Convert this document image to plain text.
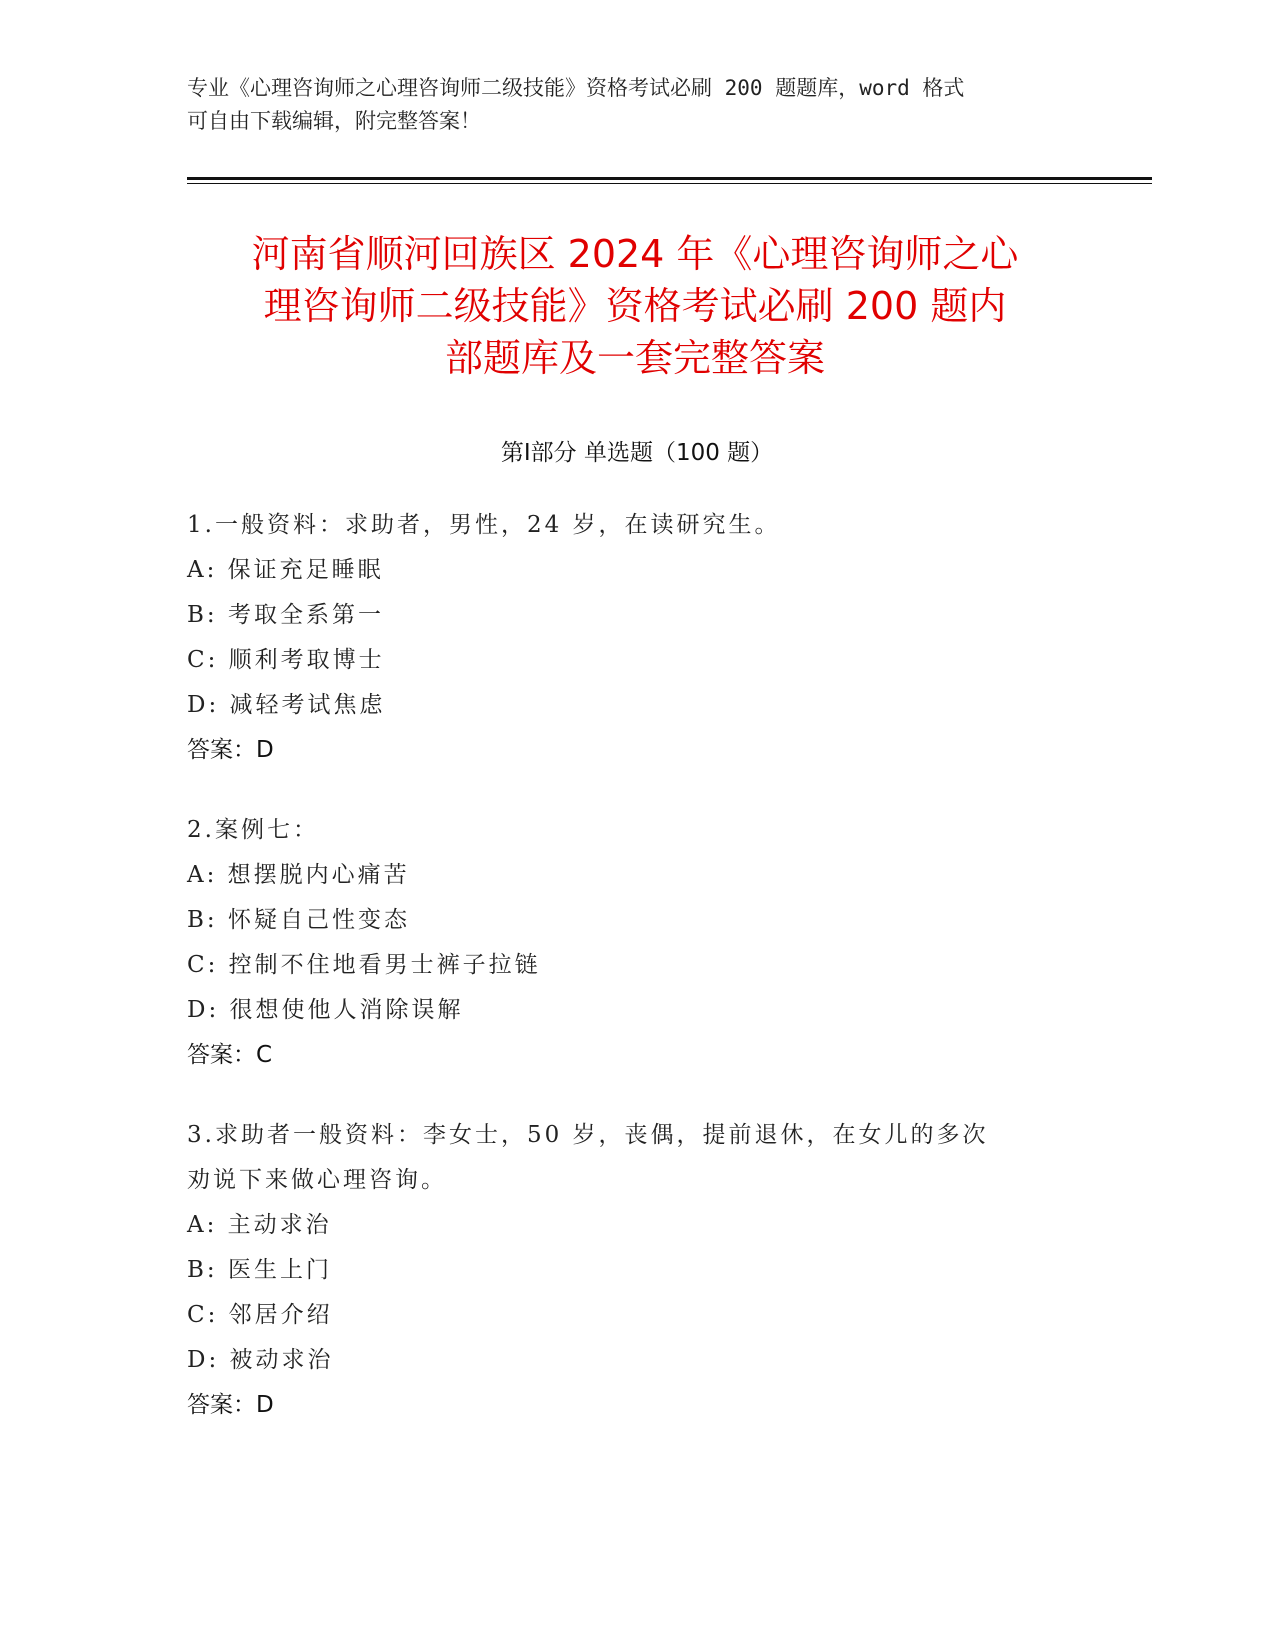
专业《心理咨询师之心理咨询师二级技能》资格考试必刷 200 题题库，word 格式

可自由下载编辑，附完整答案！

河南省顺河回族区 2024 年《心理咨询师之心
理咨询师二级技能》资格考试必刷 200 题内
部题库及一套完整答案
第Ⅰ部分 单选题（100 题）

1.一般资料：求助者，男性，24 岁，在读研究生。

A: 保证充足睡眠

B: 考取全系第一

C: 顺利考取博士

D: 减轻考试焦虑

答案：D

2.案例七：

A: 想摆脱内心痛苦

B: 怀疑自己性变态

C: 控制不住地看男士裤子拉链

D: 很想使他人消除误解

答案：C

3.求助者一般资料：李女士，50 岁，丧偶，提前退休，在女儿的多次

劝说下来做心理咨询。

A: 主动求治

B: 医生上门

C: 邻居介绍

D: 被动求治

答案：D
